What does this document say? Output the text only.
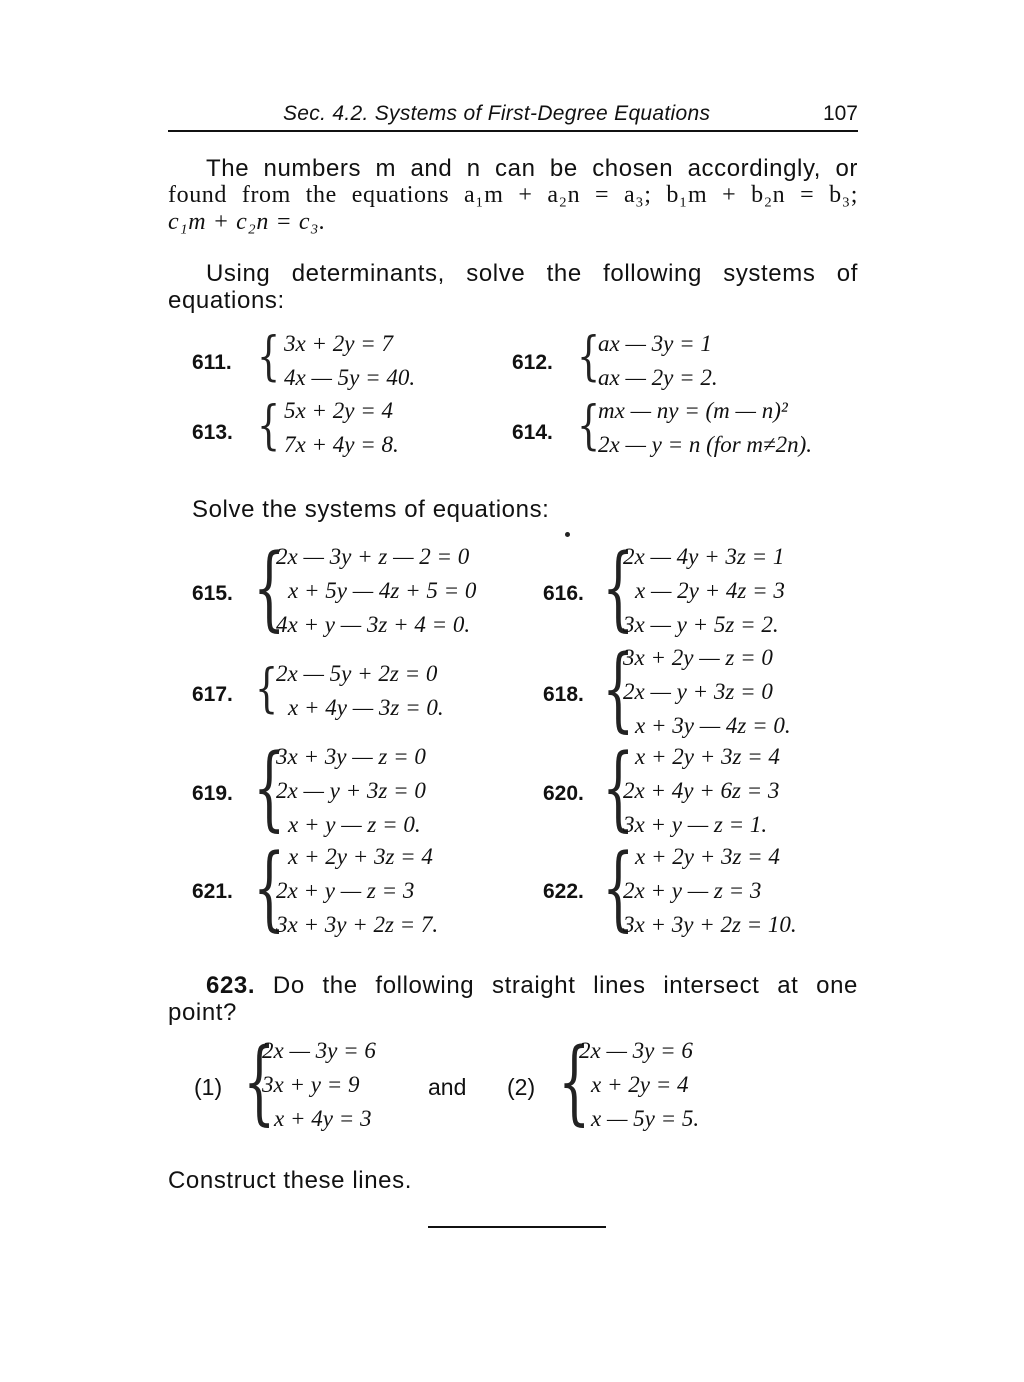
Sec. 4.2. Systems of First-Degree Equations	107
The numbers m and n can be chosen accordingly, or
found from the equations a₁m + a₂n = a₃; b₁m + b₂n = b₃;
c₁m + c₂n = c₃.
Using determinants, solve the following systems of
equations:
611. { 3x + 2y = 7
4x — 5y = 40.
612. {
ax — 3y = 1
ax — 2y = 2.
613. { 5x + 2y = 4
7x + 4y = 8.	614. {
mx — ny = (m — n)²
2x — y = n (for m≠2n).
Solve the systems of equations:
615. {
2x — 3y + z — 2 = 0
x + 5y — 4z + 5 = 0
4x + y — 3z + 4 = 0.
616. {
2x — 4y + 3z = 1
x — 2y + 4z = 3
3x — y + 5z = 2.
617. {
2x — 5y + 2z = 0
x + 4y — 3z = 0.
618. {
3x + 2y — z = 0
2x — y + 3z = 0
x + 3y — 4z = 0.
619. {
3x + 3y — z = 0
2x — y + 3z = 0
x + y — z = 0.
620. { x + 2y + 3z = 4
2x + 4y + 6z = 3
3x + y — z = 1.
621. { x + 2y + 3z = 4
2x + y — z = 3
3x + 3y + 2z = 7.
622. { x + 2y + 3z = 4
2x + y — z = 3
3x + 3y + 2z = 10.
623. Do the following straight lines intersect at one
point?
(1) {
2x — 3y = 6
3x + y = 9
x + 4y = 3
and (2) {
2x — 3y = 6
x + 2y = 4
x — 5y = 5.
Construct these lines.
